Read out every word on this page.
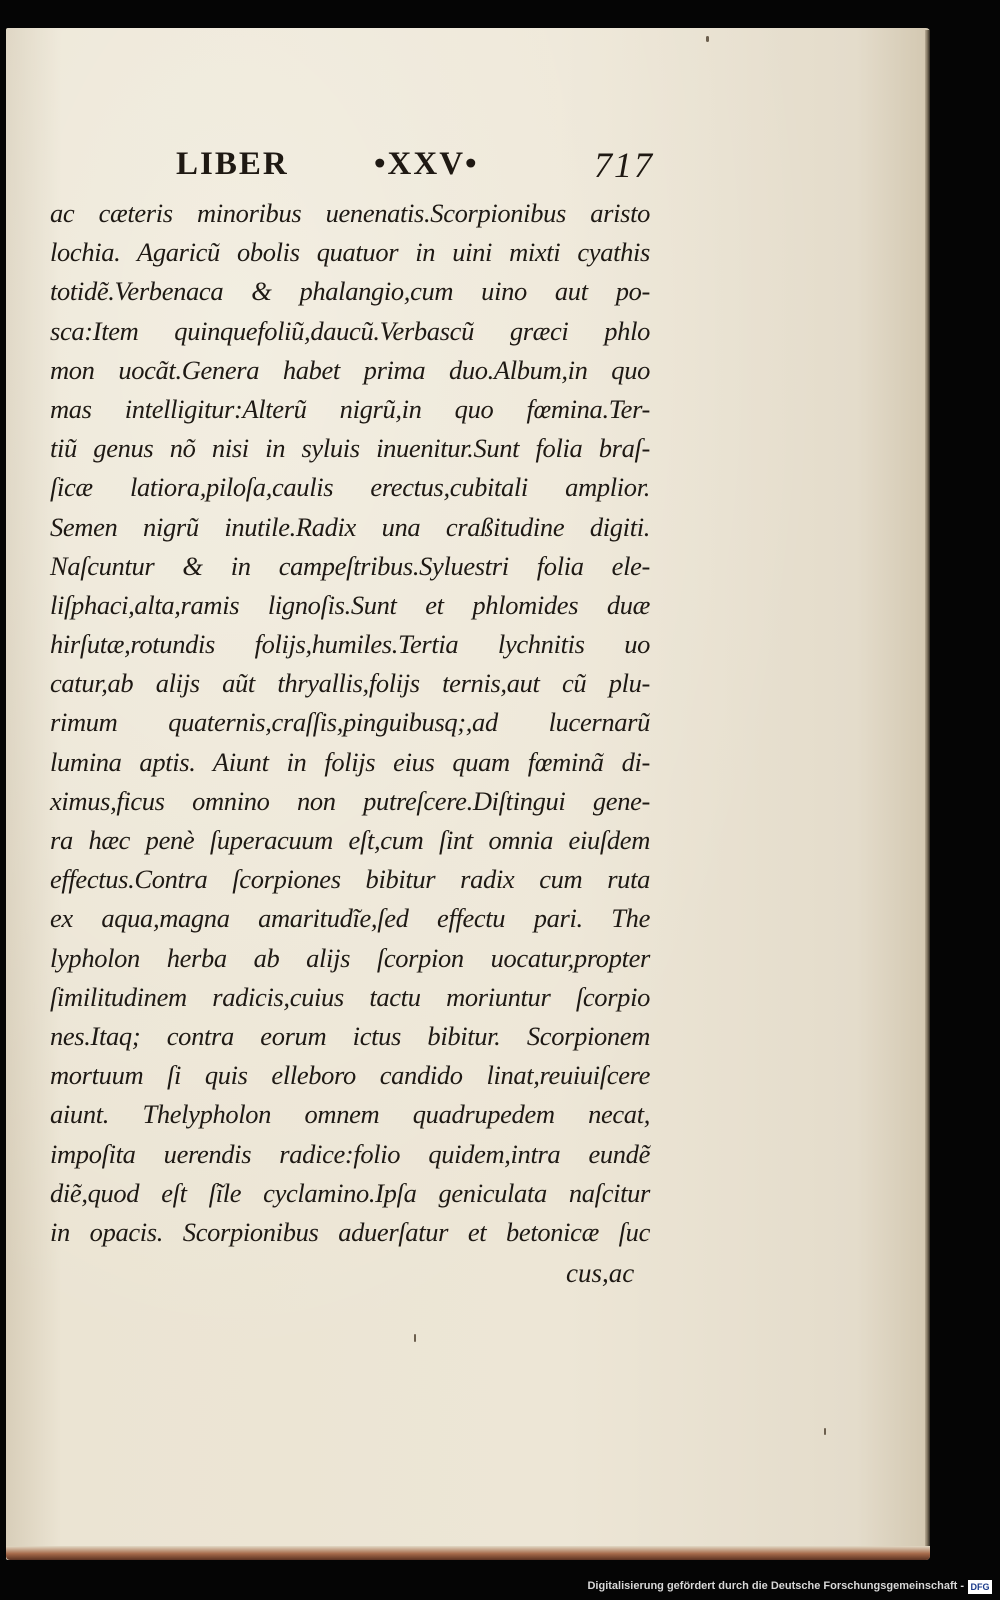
LIBER	•XXV•	717
ac cæteris minoribus uenenatis.Scorpionibus aristo
lochia. Agaricũ obolis quatuor in uini mixti cyathis
totidẽ.Verbenaca & phalangio,cum uino aut po-
sca:Item quinquefoliũ,daucũ.Verbascũ græci phlo
mon uocãt.Genera habet prima duo.Album,in quo
mas intelligitur:Alterũ nigrũ,in quo fœmina.Ter-
tiũ genus nõ nisi in syluis inuenitur.Sunt folia braſ-
ſicæ latiora,piloſa,caulis erectus,cubitali amplior.
Semen nigrũ inutile.Radix una craßitudine digiti.
Naſcuntur & in campeſtribus.Syluestri folia ele-
liſphaci,alta,ramis lignoſis.Sunt et phlomides duæ
hirſutæ,rotundis folijs,humiles.Tertia lychnitis uo
catur,ab alijs aũt thryallis,folijs ternis,aut cũ plu-
rimum quaternis,craſſis,pinguibusq;,ad lucernarũ
lumina aptis. Aiunt in folijs eius quam fœminã di-
ximus,ficus omnino non putreſcere.Diſtingui gene-
ra hæc penè ſuperacuum eſt,cum ſint omnia eiuſdem
effectus.Contra ſcorpiones bibitur radix cum ruta
ex aqua,magna amaritudĩe,ſed effectu pari. The
lypholon herba ab alijs ſcorpion uocatur,propter
ſimilitudinem radicis,cuius tactu moriuntur ſcorpio
nes.Itaq; contra eorum ictus bibitur. Scorpionem
mortuum ſi quis elleboro candido linat,reuiuiſcere
aiunt. Thelypholon omnem quadrupedem necat,
impoſita uerendis radice:folio quidem,intra eundẽ
diẽ,quod eſt ſĩle cyclamino.Ipſa geniculata naſcitur
in opacis. Scorpionibus aduerſatur et betonicæ ſuc
cus,ac
Digitalisierung gefördert durch die Deutsche Forschungsgemeinschaft - DFG
